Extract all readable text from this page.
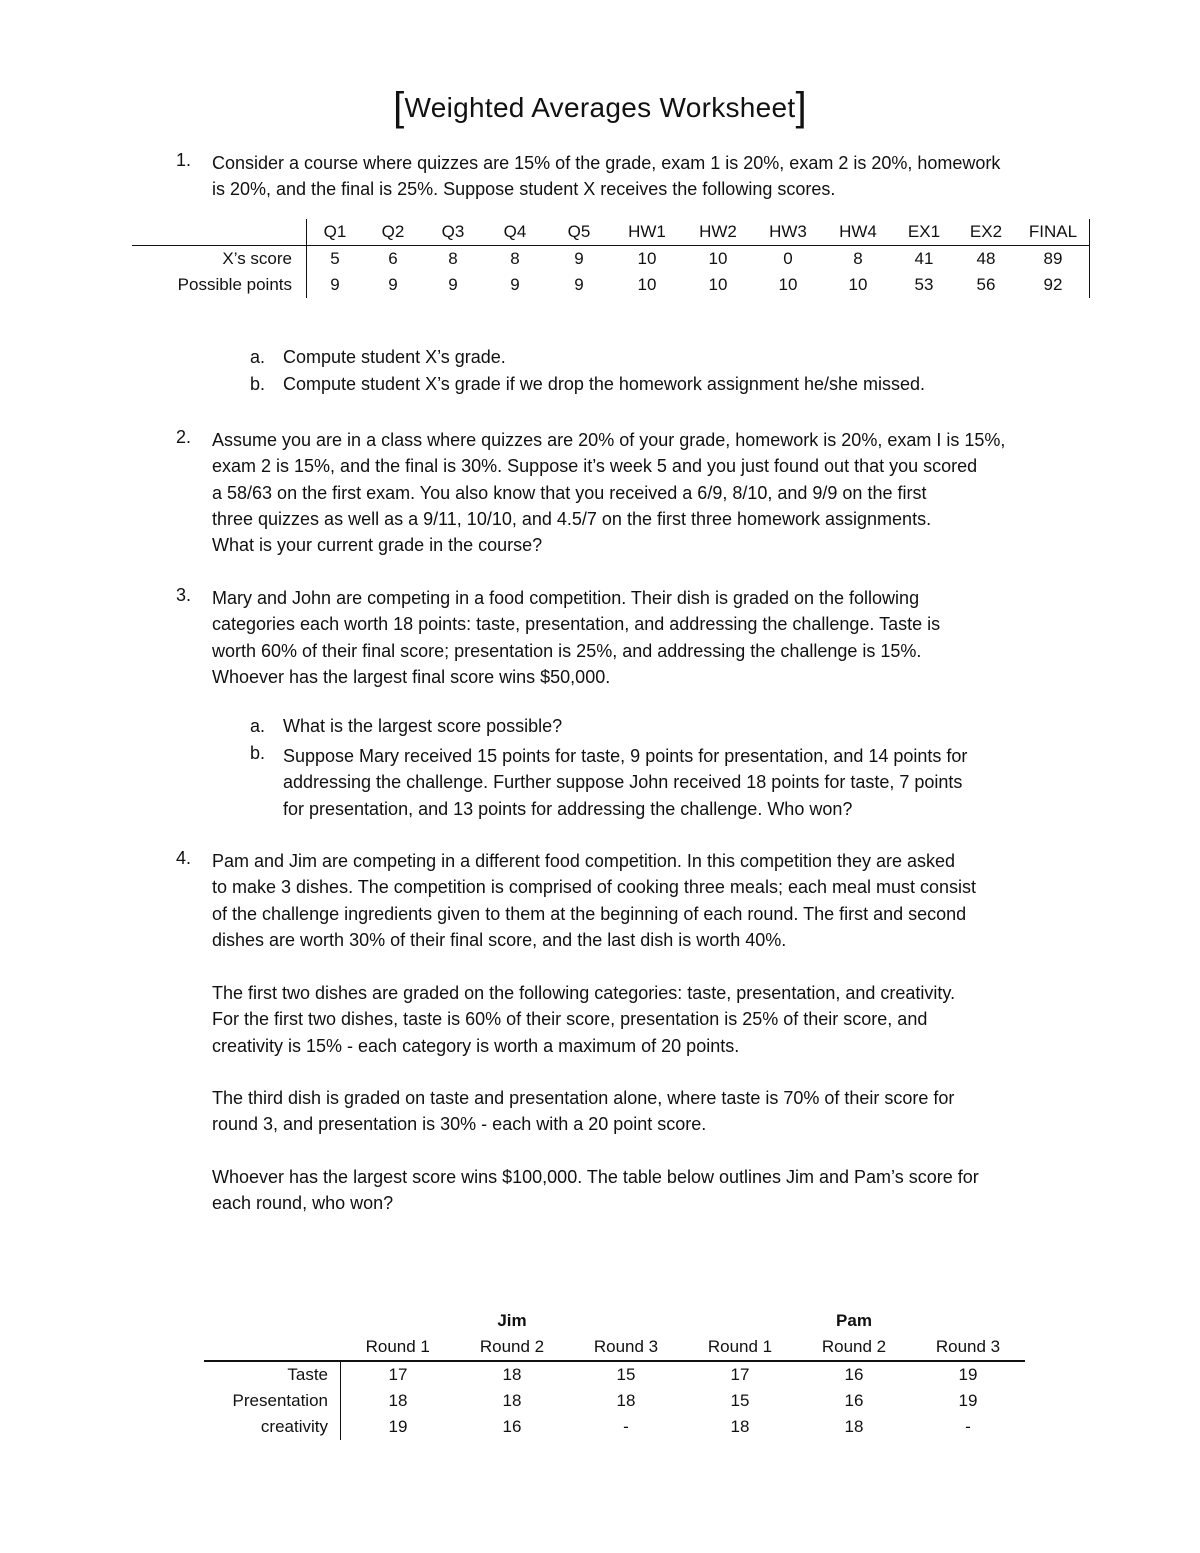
[Weighted Averages Worksheet]
1. Consider a course where quizzes are 15% of the grade, exam 1 is 20%, exam 2 is 20%, homework
is 20%, and the final is 25%. Suppose student X receives the following scores.
	Q1	Q2	Q3	Q4	Q5	HW1	HW2	HW3	HW4	EX1	EX2	FINAL
X’s score	5	6	8	8	9	10	10	0	8	41	48	89
Possible points	9	9	9	9	9	10	10	10	10	53	56	92
a. Compute student X’s grade.
b. Compute student X’s grade if we drop the homework assignment he/she missed.
2. Assume you are in a class where quizzes are 20% of your grade, homework is 20%, exam I is 15%,
exam 2 is 15%, and the final is 30%. Suppose it’s week 5 and you just found out that you scored
a 58/63 on the first exam. You also know that you received a 6/9, 8/10, and 9/9 on the first
three quizzes as well as a 9/11, 10/10, and 4.5/7 on the first three homework assignments.
What is your current grade in the course?
3. Mary and John are competing in a food competition. Their dish is graded on the following
categories each worth 18 points: taste, presentation, and addressing the challenge. Taste is
worth 60% of their final score; presentation is 25%, and addressing the challenge is 15%.
Whoever has the largest final score wins $50,000.
a. What is the largest score possible?
b. Suppose Mary received 15 points for taste, 9 points for presentation, and 14 points for
addressing the challenge. Further suppose John received 18 points for taste, 7 points
for presentation, and 13 points for addressing the challenge. Who won?
4. Pam and Jim are competing in a different food competition. In this competition they are asked
to make 3 dishes. The competition is comprised of cooking three meals; each meal must consist
of the challenge ingredients given to them at the beginning of each round. The first and second
dishes are worth 30% of their final score, and the last dish is worth 40%.
The first two dishes are graded on the following categories: taste, presentation, and creativity.
For the first two dishes, taste is 60% of their score, presentation is 25% of their score, and
creativity is 15% - each category is worth a maximum of 20 points.
The third dish is graded on taste and presentation alone, where taste is 70% of their score for
round 3, and presentation is 30% - each with a 20 point score.
Whoever has the largest score wins $100,000. The table below outlines Jim and Pam’s score for
each round, who won?
		Jim			Pam	
	Round 1	Round 2	Round 3	Round 1	Round 2	Round 3
Taste	17	18	15	17	16	19
Presentation	18	18	18	15	16	19
creativity	19	16	-	18	18	-
